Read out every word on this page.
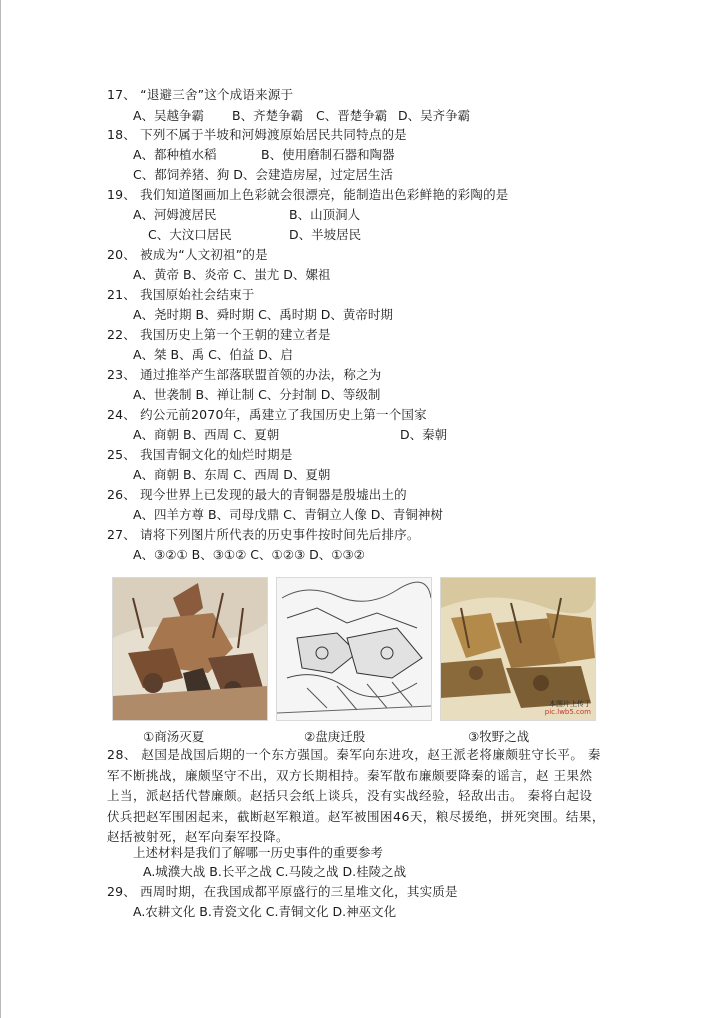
17、 “退避三舍”这个成语来源于
A、吴越争霸 B、齐楚争霸 C、晋楚争霸 D、吴齐争霸
18、 下列不属于半坡和河姆渡原始居民共同特点的是
A、都种植水稻	B、使用磨制石器和陶器
C、都饲养猪、狗 D、会建造房屋，过定居生活
19、 我们知道图画加上色彩就会很漂亮，能制造出色彩鲜艳的彩陶的是
A、河姆渡居民	B、山顶洞人
C、大汶口居民	D、半坡居民
20、 被成为“人文初祖”的是
A、黄帝 B、炎帝 C、蚩尤 D、嫘祖
21、 我国原始社会结束于
A、尧时期 B、舜时期 C、禹时期 D、黄帝时期
22、 我国历史上第一个王朝的建立者是
A、桀 B、禹 C、伯益 D、启
23、 通过推举产生部落联盟首领的办法，称之为
A、世袭制 B、禅让制 C、分封制 D、等级制
24、 约公元前2070年，禹建立了我国历史上第一个国家
A、商朝 B、西周 C、夏朝	D、秦朝
25、 我国青铜文化的灿烂时期是
A、商朝 B、东周 C、西周 D、夏朝
26、 现今世界上已发现的最大的青铜器是殷墟出土的
A、四羊方尊 B、司母戊鼎 C、青铜立人像 D、青铜神树
27、 请将下列图片所代表的历史事件按时间先后排序。
A、③②① B、③①② C、①②③ D、①③②
本图片上传于
pic.lwb5.com
①商汤灭夏	②盘庚迁殷	③牧野之战
28、 赵国是战国后期的一个东方强国。秦军向东进攻，赵王派老将廉颇驻守长平。 秦
军不断挑战，廉颇坚守不出，双方长期相持。秦军散布廉颇要降秦的谣言，赵 王果然
上当，派赵括代替廉颇。赵括只会纸上谈兵，没有实战经验，轻敌出击。 秦将白起设
伏兵把赵军围困起来，截断赵军粮道。赵军被围困46天，粮尽援绝，拼死突围。结果，
赵括被射死，赵军向秦军投降。
上述材料是我们了解哪一历史事件的重要参考
A.城濮大战 B.长平之战 C.马陵之战 D.桂陵之战
29、 西周时期，在我国成都平原盛行的三星堆文化，其实质是
A.农耕文化 B.青瓷文化 C.青铜文化 D.神巫文化
